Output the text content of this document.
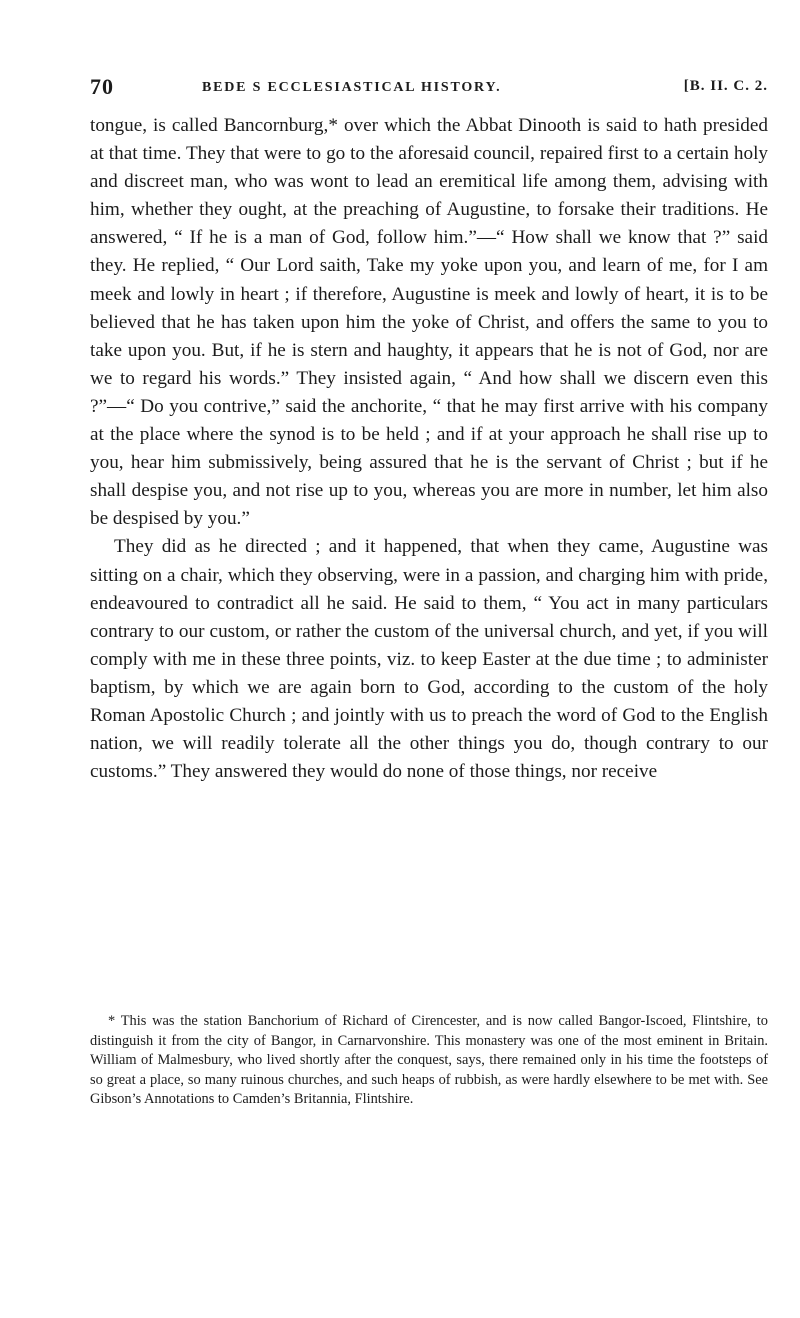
70	BEDE S ECCLESIASTICAL HISTORY.	[B. II. C. 2.

tongue, is called Bancornburg,* over which the Abbat Dinooth is said to hath presided at that time. They that were to go to the aforesaid council, repaired first to a certain holy and discreet man, who was wont to lead an eremitical life among them, advising with him, whether they ought, at the preaching of Augustine, to forsake their traditions. He answered, “ If he is a man of God, follow him.”—“ How shall we know that ?” said they. He replied, “ Our Lord saith, Take my yoke upon you, and learn of me, for I am meek and lowly in heart ; if therefore, Augustine is meek and lowly of heart, it is to be believed that he has taken upon him the yoke of Christ, and offers the same to you to take upon you. But, if he is stern and haughty, it appears that he is not of God, nor are we to regard his words.” They insisted again, “ And how shall we discern even this ?”—“ Do you contrive,” said the anchorite, “ that he may first arrive with his company at the place where the synod is to be held ; and if at your approach he shall rise up to you, hear him submissively, being assured that he is the servant of Christ ; but if he shall despise you, and not rise up to you, whereas you are more in number, let him also be despised by you.”

They did as he directed ; and it happened, that when they came, Augustine was sitting on a chair, which they observing, were in a passion, and charging him with pride, endeavoured to contradict all he said. He said to them, “ You act in many particulars contrary to our custom, or rather the custom of the universal church, and yet, if you will comply with me in these three points, viz. to keep Easter at the due time ; to administer baptism, by which we are again born to God, according to the custom of the holy Roman Apostolic Church ; and jointly with us to preach the word of God to the English nation, we will readily tolerate all the other things you do, though contrary to our customs.” They answered they would do none of those things, nor receive

* This was the station Banchorium of Richard of Cirencester, and is now called Bangor-Iscoed, Flintshire, to distinguish it from the city of Bangor, in Carnarvonshire. This monastery was one of the most eminent in Britain. William of Malmesbury, who lived shortly after the conquest, says, there remained only in his time the footsteps of so great a place, so many ruinous churches, and such heaps of rubbish, as were hardly elsewhere to be met with. See Gibson’s Annotations to Camden’s Britannia, Flintshire.
